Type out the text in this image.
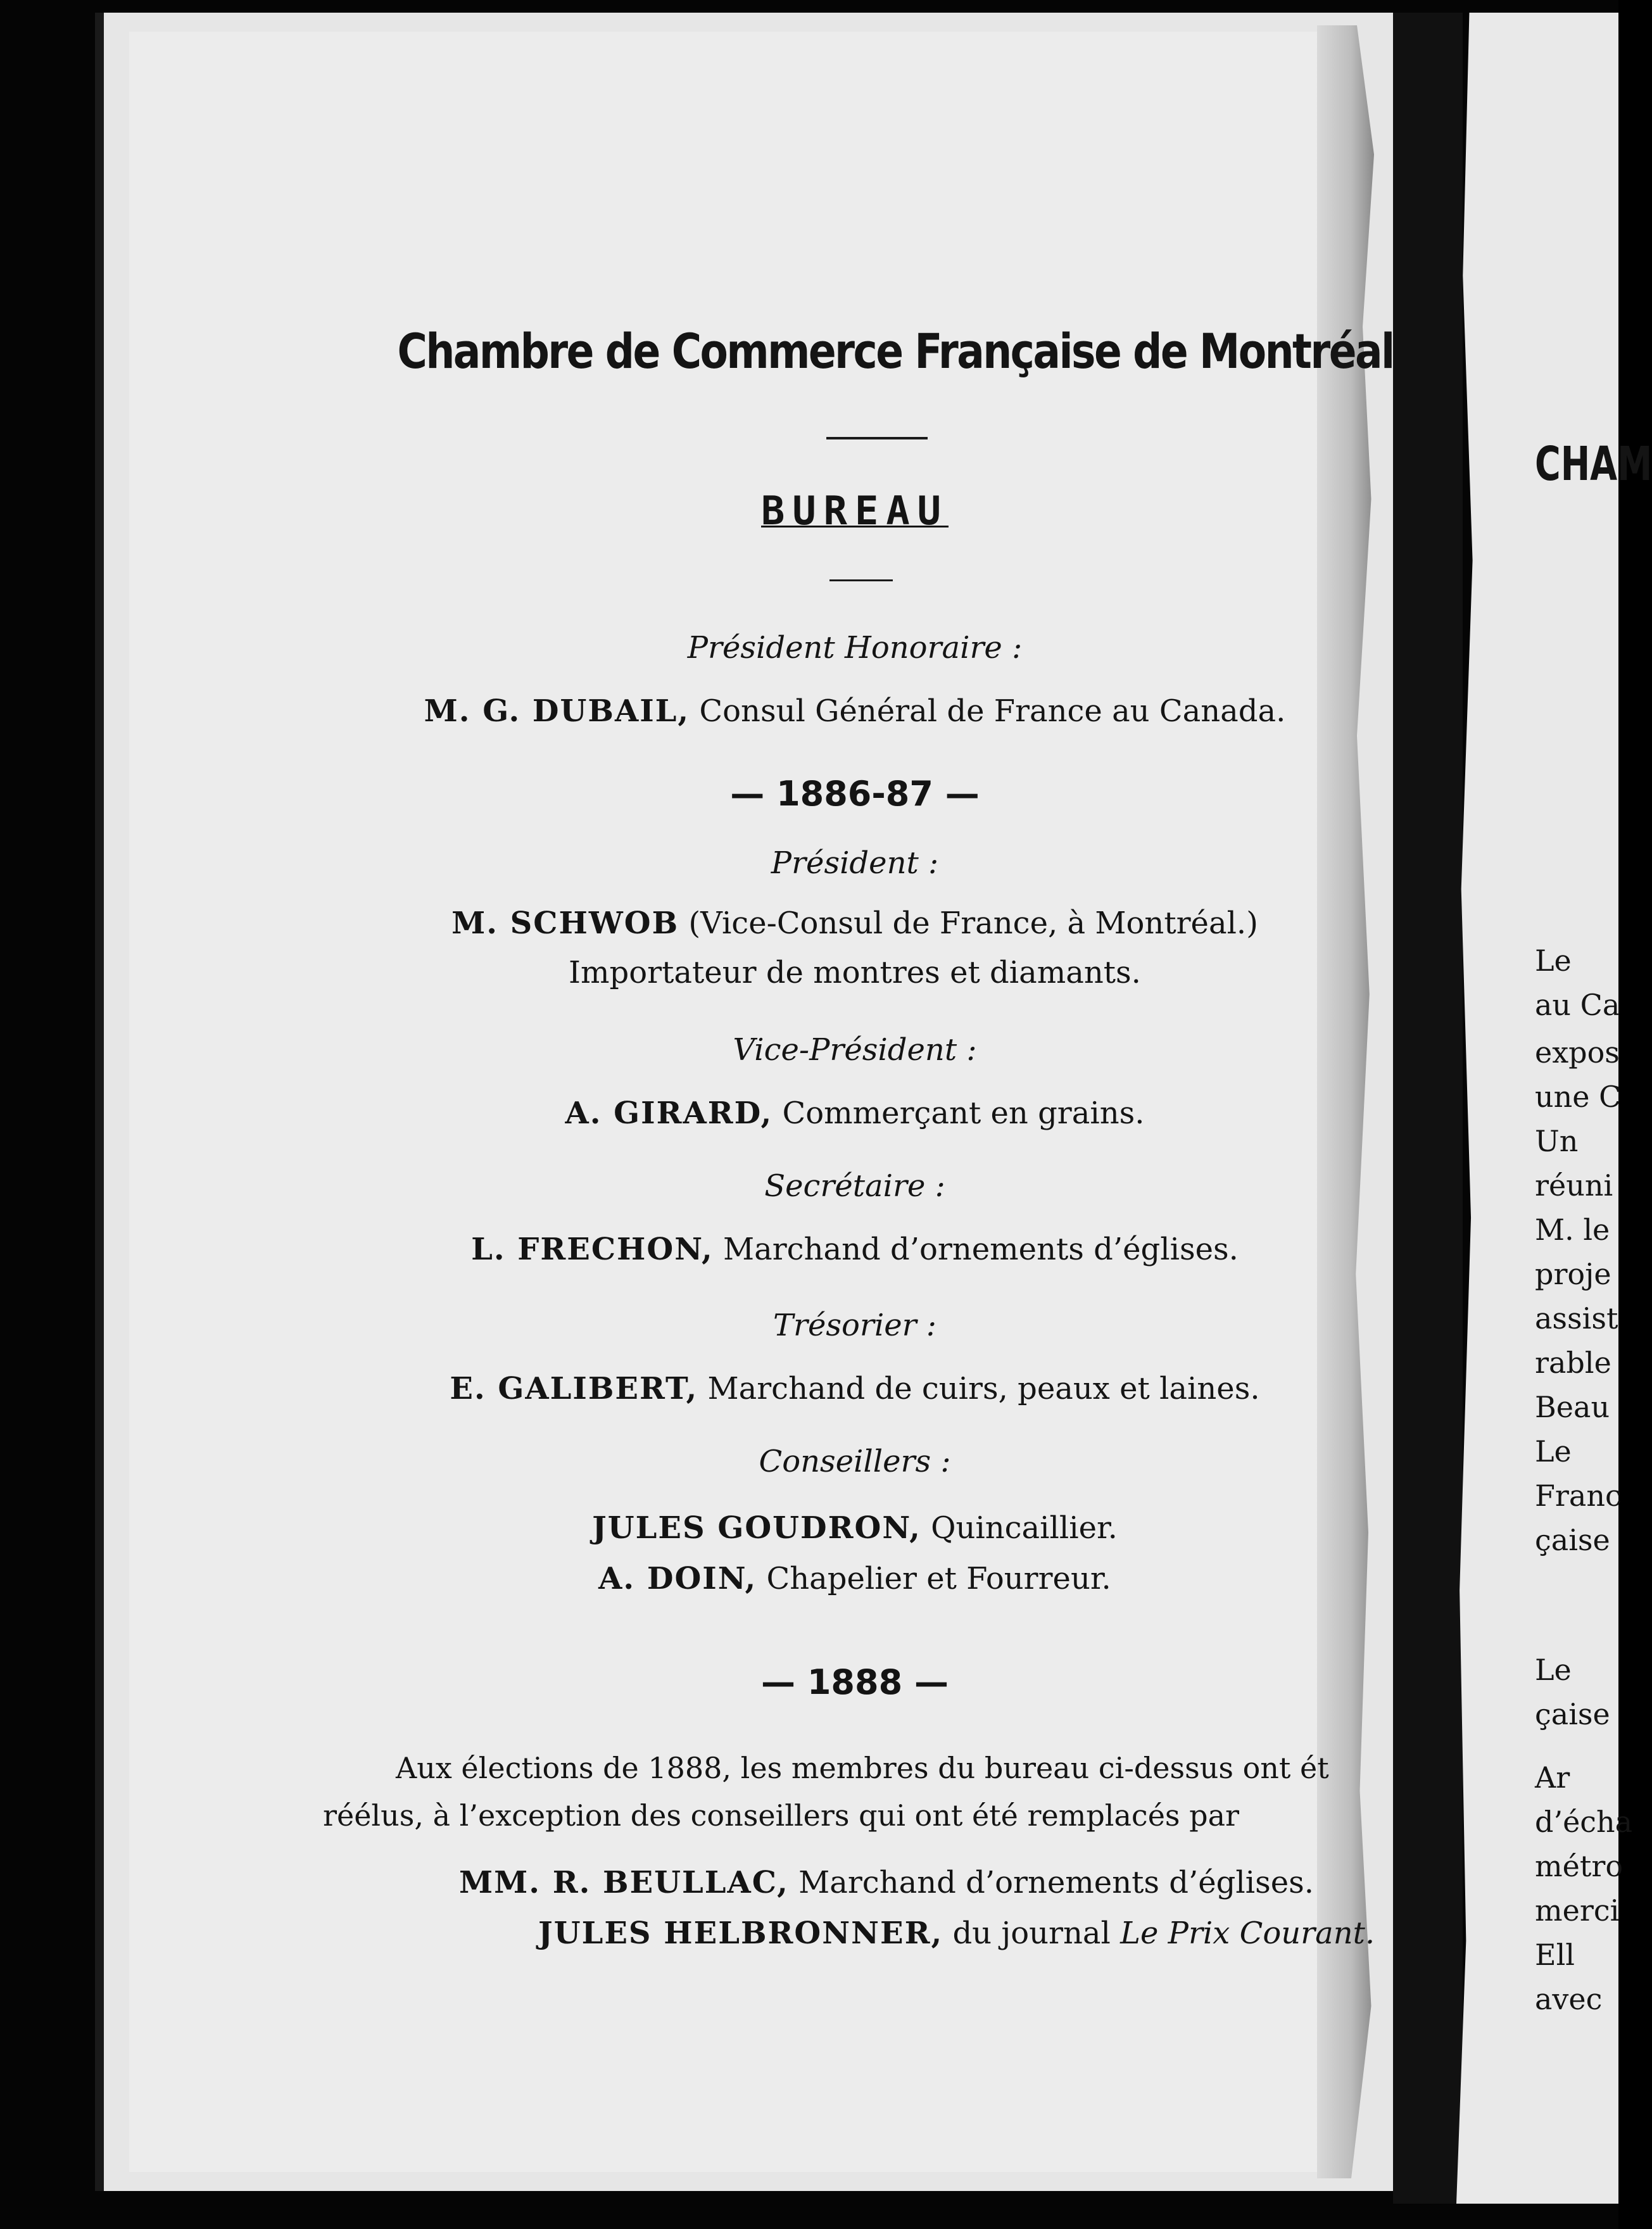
Chambre de Commerce Française de Montréal
BUREAU
Président Honoraire :
M. G. DUBAIL, Consul Général de France au Canada.
— 1886-87 —
Président :
M. SCHWOB (Vice-Consul de France, à Montréal.)
Importateur de montres et diamants.
Vice-Président :
A. GIRARD, Commerçant en grains.
Secrétaire :
L. FRECHON, Marchand d’ornements d’églises.
Trésorier :
E. GALIBERT, Marchand de cuirs, peaux et laines.
Conseillers :
JULES GOUDRON, Quincaillier.
A. DOIN, Chapelier et Fourreur.
— 1888 —
Aux élections de 1888, les membres du bureau ci-dessus ont ét
réélus, à l’exception des conseillers qui ont été remplacés par
MM. R. BEULLAC, Marchand d’ornements d’églises.
JULES HELBRONNER, du journal Le Prix Courant.
CHAM
Le
au Ca
expos
une C
Un
réuni
M. le
proje
assist
rable
Beau
Le
Franc
çaise
Le
çaise
Ar
d’écha
métro
merci
Ell
avec
